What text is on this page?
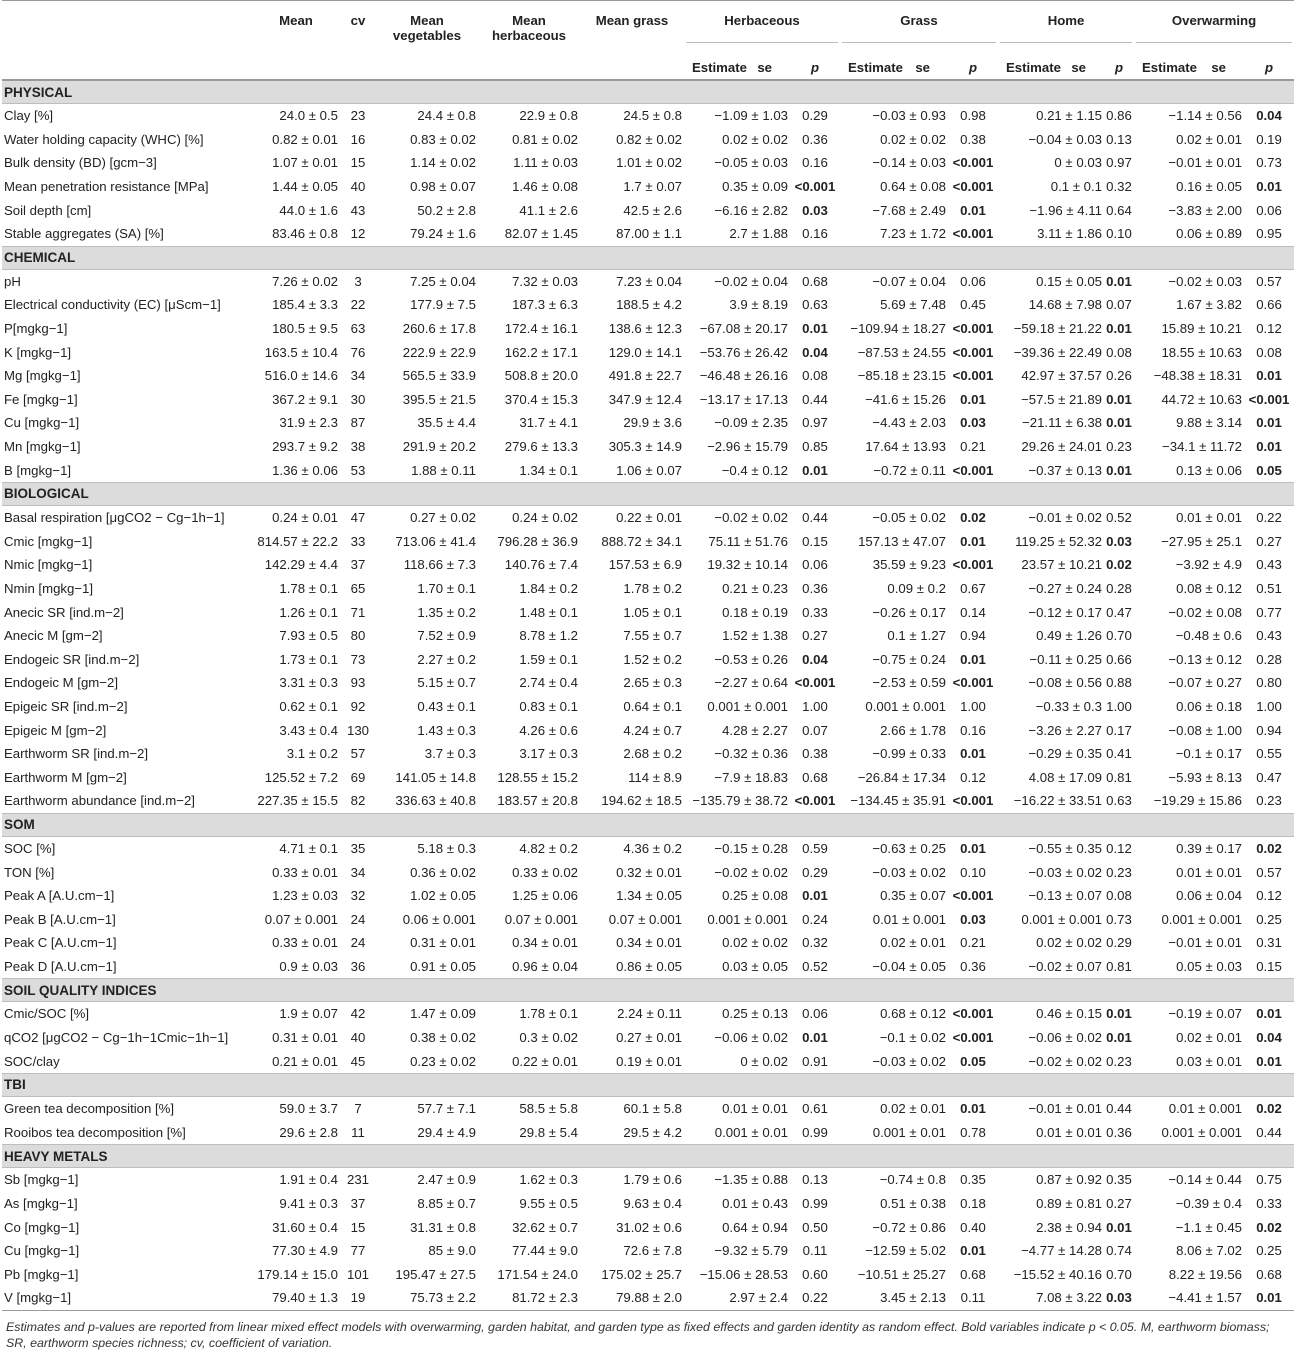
	Mean	cv	Mean vegetables	Mean herbaceous	Mean grass	Herbaceous		Grass		Home		Overwarming	

						Estimate se	p	Estimate se	p	Estimate se	p	Estimate se	p
PHYSICAL													
Clay [%]	24.0 ± 0.5	23	24.4 ± 0.8	22.9 ± 0.8	24.5 ± 0.8	−1.09 ± 1.03	0.29	−0.03 ± 0.93	0.98	0.21 ± 1.15	0.86	−1.14 ± 0.56	0.04
Water holding capacity (WHC) [%]	0.82 ± 0.01	16	0.83 ± 0.02	0.81 ± 0.02	0.82 ± 0.02	0.02 ± 0.02	0.36	0.02 ± 0.02	0.38	−0.04 ± 0.03	0.13	0.02 ± 0.01	0.19
Bulk density (BD) [gcm−3]	1.07 ± 0.01	15	1.14 ± 0.02	1.11 ± 0.03	1.01 ± 0.02	−0.05 ± 0.03	0.16	−0.14 ± 0.03	<0.001	0 ± 0.03	0.97	−0.01 ± 0.01	0.73
Mean penetration resistance [MPa]	1.44 ± 0.05	40	0.98 ± 0.07	1.46 ± 0.08	1.7 ± 0.07	0.35 ± 0.09	<0.001	0.64 ± 0.08	<0.001	0.1 ± 0.1	0.32	0.16 ± 0.05	0.01
Soil depth [cm]	44.0 ± 1.6	43	50.2 ± 2.8	41.1 ± 2.6	42.5 ± 2.6	−6.16 ± 2.82	0.03	−7.68 ± 2.49	0.01	−1.96 ± 4.11	0.64	−3.83 ± 2.00	0.06
Stable aggregates (SA) [%]	83.46 ± 0.8	12	79.24 ± 1.6	82.07 ± 1.45	87.00 ± 1.1	2.7 ± 1.88	0.16	7.23 ± 1.72	<0.001	3.11 ± 1.86	0.10	0.06 ± 0.89	0.95
CHEMICAL													
pH	7.26 ± 0.02	3	7.25 ± 0.04	7.32 ± 0.03	7.23 ± 0.04	−0.02 ± 0.04	0.68	−0.07 ± 0.04	0.06	0.15 ± 0.05	0.01	−0.02 ± 0.03	0.57
Electrical conductivity (EC) [μScm−1]	185.4 ± 3.3	22	177.9 ± 7.5	187.3 ± 6.3	188.5 ± 4.2	3.9 ± 8.19	0.63	5.69 ± 7.48	0.45	14.68 ± 7.98	0.07	1.67 ± 3.82	0.66
P[mgkg−1]	180.5 ± 9.5	63	260.6 ± 17.8	172.4 ± 16.1	138.6 ± 12.3	−67.08 ± 20.17	0.01	−109.94 ± 18.27	<0.001	−59.18 ± 21.22	0.01	15.89 ± 10.21	0.12
K [mgkg−1]	163.5 ± 10.4	76	222.9 ± 22.9	162.2 ± 17.1	129.0 ± 14.1	−53.76 ± 26.42	0.04	−87.53 ± 24.55	<0.001	−39.36 ± 22.49	0.08	18.55 ± 10.63	0.08
Mg [mgkg−1]	516.0 ± 14.6	34	565.5 ± 33.9	508.8 ± 20.0	491.8 ± 22.7	−46.48 ± 26.16	0.08	−85.18 ± 23.15	<0.001	42.97 ± 37.57	0.26	−48.38 ± 18.31	0.01
Fe [mgkg−1]	367.2 ± 9.1	30	395.5 ± 21.5	370.4 ± 15.3	347.9 ± 12.4	−13.17 ± 17.13	0.44	−41.6 ± 15.26	0.01	−57.5 ± 21.89	0.01	44.72 ± 10.63	<0.001
Cu [mgkg−1]	31.9 ± 2.3	87	35.5 ± 4.4	31.7 ± 4.1	29.9 ± 3.6	−0.09 ± 2.35	0.97	−4.43 ± 2.03	0.03	−21.11 ± 6.38	0.01	9.88 ± 3.14	0.01
Mn [mgkg−1]	293.7 ± 9.2	38	291.9 ± 20.2	279.6 ± 13.3	305.3 ± 14.9	−2.96 ± 15.79	0.85	17.64 ± 13.93	0.21	29.26 ± 24.01	0.23	−34.1 ± 11.72	0.01
B [mgkg−1]	1.36 ± 0.06	53	1.88 ± 0.11	1.34 ± 0.1	1.06 ± 0.07	−0.4 ± 0.12	0.01	−0.72 ± 0.11	<0.001	−0.37 ± 0.13	0.01	0.13 ± 0.06	0.05
BIOLOGICAL													
Basal respiration [μgCO2 − Cg−1h−1]	0.24 ± 0.01	47	0.27 ± 0.02	0.24 ± 0.02	0.22 ± 0.01	−0.02 ± 0.02	0.44	−0.05 ± 0.02	0.02	−0.01 ± 0.02	0.52	0.01 ± 0.01	0.22
Cmic [mgkg−1]	814.57 ± 22.2	33	713.06 ± 41.4	796.28 ± 36.9	888.72 ± 34.1	75.11 ± 51.76	0.15	157.13 ± 47.07	0.01	119.25 ± 52.32	0.03	−27.95 ± 25.1	0.27
Nmic [mgkg−1]	142.29 ± 4.4	37	118.66 ± 7.3	140.76 ± 7.4	157.53 ± 6.9	19.32 ± 10.14	0.06	35.59 ± 9.23	<0.001	23.57 ± 10.21	0.02	−3.92 ± 4.9	0.43
Nmin [mgkg−1]	1.78 ± 0.1	65	1.70 ± 0.1	1.84 ± 0.2	1.78 ± 0.2	0.21 ± 0.23	0.36	0.09 ± 0.2	0.67	−0.27 ± 0.24	0.28	0.08 ± 0.12	0.51
Anecic SR [ind.m−2]	1.26 ± 0.1	71	1.35 ± 0.2	1.48 ± 0.1	1.05 ± 0.1	0.18 ± 0.19	0.33	−0.26 ± 0.17	0.14	−0.12 ± 0.17	0.47	−0.02 ± 0.08	0.77
Anecic M [gm−2]	7.93 ± 0.5	80	7.52 ± 0.9	8.78 ± 1.2	7.55 ± 0.7	1.52 ± 1.38	0.27	0.1 ± 1.27	0.94	0.49 ± 1.26	0.70	−0.48 ± 0.6	0.43
Endogeic SR [ind.m−2]	1.73 ± 0.1	73	2.27 ± 0.2	1.59 ± 0.1	1.52 ± 0.2	−0.53 ± 0.26	0.04	−0.75 ± 0.24	0.01	−0.11 ± 0.25	0.66	−0.13 ± 0.12	0.28
Endogeic M [gm−2]	3.31 ± 0.3	93	5.15 ± 0.7	2.74 ± 0.4	2.65 ± 0.3	−2.27 ± 0.64	<0.001	−2.53 ± 0.59	<0.001	−0.08 ± 0.56	0.88	−0.07 ± 0.27	0.80
Epigeic SR [ind.m−2]	0.62 ± 0.1	92	0.43 ± 0.1	0.83 ± 0.1	0.64 ± 0.1	0.001 ± 0.001	1.00	0.001 ± 0.001	1.00	−0.33 ± 0.3	1.00	0.06 ± 0.18	1.00
Epigeic M [gm−2]	3.43 ± 0.4	130	1.43 ± 0.3	4.26 ± 0.6	4.24 ± 0.7	4.28 ± 2.27	0.07	2.66 ± 1.78	0.16	−3.26 ± 2.27	0.17	−0.08 ± 1.00	0.94
Earthworm SR [ind.m−2]	3.1 ± 0.2	57	3.7 ± 0.3	3.17 ± 0.3	2.68 ± 0.2	−0.32 ± 0.36	0.38	−0.99 ± 0.33	0.01	−0.29 ± 0.35	0.41	−0.1 ± 0.17	0.55
Earthworm M [gm−2]	125.52 ± 7.2	69	141.05 ± 14.8	128.55 ± 15.2	114 ± 8.9	−7.9 ± 18.83	0.68	−26.84 ± 17.34	0.12	4.08 ± 17.09	0.81	−5.93 ± 8.13	0.47
Earthworm abundance [ind.m−2]	227.35 ± 15.5	82	336.63 ± 40.8	183.57 ± 20.8	194.62 ± 18.5	−135.79 ± 38.72	<0.001	−134.45 ± 35.91	<0.001	−16.22 ± 33.51	0.63	−19.29 ± 15.86	0.23
SOM													
SOC [%]	4.71 ± 0.1	35	5.18 ± 0.3	4.82 ± 0.2	4.36 ± 0.2	−0.15 ± 0.28	0.59	−0.63 ± 0.25	0.01	−0.55 ± 0.35	0.12	0.39 ± 0.17	0.02
TON [%]	0.33 ± 0.01	34	0.36 ± 0.02	0.33 ± 0.02	0.32 ± 0.01	−0.02 ± 0.02	0.29	−0.03 ± 0.02	0.10	−0.03 ± 0.02	0.23	0.01 ± 0.01	0.57
Peak A [A.U.cm−1]	1.23 ± 0.03	32	1.02 ± 0.05	1.25 ± 0.06	1.34 ± 0.05	0.25 ± 0.08	0.01	0.35 ± 0.07	<0.001	−0.13 ± 0.07	0.08	0.06 ± 0.04	0.12
Peak B [A.U.cm−1]	0.07 ± 0.001	24	0.06 ± 0.001	0.07 ± 0.001	0.07 ± 0.001	0.001 ± 0.001	0.24	0.01 ± 0.001	0.03	0.001 ± 0.001	0.73	0.001 ± 0.001	0.25
Peak C [A.U.cm−1]	0.33 ± 0.01	24	0.31 ± 0.01	0.34 ± 0.01	0.34 ± 0.01	0.02 ± 0.02	0.32	0.02 ± 0.01	0.21	0.02 ± 0.02	0.29	−0.01 ± 0.01	0.31
Peak D [A.U.cm−1]	0.9 ± 0.03	36	0.91 ± 0.05	0.96 ± 0.04	0.86 ± 0.05	0.03 ± 0.05	0.52	−0.04 ± 0.05	0.36	−0.02 ± 0.07	0.81	0.05 ± 0.03	0.15
SOIL QUALITY INDICES													
Cmic/SOC [%]	1.9 ± 0.07	42	1.47 ± 0.09	1.78 ± 0.1	2.24 ± 0.11	0.25 ± 0.13	0.06	0.68 ± 0.12	<0.001	0.46 ± 0.15	0.01	−0.19 ± 0.07	0.01
qCO2 [μgCO2 − Cg−1h−1Cmic−1h−1]	0.31 ± 0.01	40	0.38 ± 0.02	0.3 ± 0.02	0.27 ± 0.01	−0.06 ± 0.02	0.01	−0.1 ± 0.02	<0.001	−0.06 ± 0.02	0.01	0.02 ± 0.01	0.04
SOC/clay	0.21 ± 0.01	45	0.23 ± 0.02	0.22 ± 0.01	0.19 ± 0.01	0 ± 0.02	0.91	−0.03 ± 0.02	0.05	−0.02 ± 0.02	0.23	0.03 ± 0.01	0.01
TBI													
Green tea decomposition [%]	59.0 ± 3.7	7	57.7 ± 7.1	58.5 ± 5.8	60.1 ± 5.8	0.01 ± 0.01	0.61	0.02 ± 0.01	0.01	−0.01 ± 0.01	0.44	0.01 ± 0.001	0.02
Rooibos tea decomposition [%]	29.6 ± 2.8	11	29.4 ± 4.9	29.8 ± 5.4	29.5 ± 4.2	0.001 ± 0.01	0.99	0.001 ± 0.01	0.78	0.01 ± 0.01	0.36	0.001 ± 0.001	0.44
HEAVY METALS													
Sb [mgkg−1]	1.91 ± 0.4	231	2.47 ± 0.9	1.62 ± 0.3	1.79 ± 0.6	−1.35 ± 0.88	0.13	−0.74 ± 0.8	0.35	0.87 ± 0.92	0.35	−0.14 ± 0.44	0.75
As [mgkg−1]	9.41 ± 0.3	37	8.85 ± 0.7	9.55 ± 0.5	9.63 ± 0.4	0.01 ± 0.43	0.99	0.51 ± 0.38	0.18	0.89 ± 0.81	0.27	−0.39 ± 0.4	0.33
Co [mgkg−1]	31.60 ± 0.4	15	31.31 ± 0.8	32.62 ± 0.7	31.02 ± 0.6	0.64 ± 0.94	0.50	−0.72 ± 0.86	0.40	2.38 ± 0.94	0.01	−1.1 ± 0.45	0.02
Cu [mgkg−1]	77.30 ± 4.9	77	85 ± 9.0	77.44 ± 9.0	72.6 ± 7.8	−9.32 ± 5.79	0.11	−12.59 ± 5.02	0.01	−4.77 ± 14.28	0.74	8.06 ± 7.02	0.25
Pb [mgkg−1]	179.14 ± 15.0	101	195.47 ± 27.5	171.54 ± 24.0	175.02 ± 25.7	−15.06 ± 28.53	0.60	−10.51 ± 25.27	0.68	−15.52 ± 40.16	0.70	8.22 ± 19.56	0.68
V [mgkg−1]	79.40 ± 1.3	19	75.73 ± 2.2	81.72 ± 2.3	79.88 ± 2.0	2.97 ± 2.4	0.22	3.45 ± 2.13	0.11	7.08 ± 3.22	0.03	−4.41 ± 1.57	0.01
Estimates and p-values are reported from linear mixed effect models with overwarming, garden habitat, and garden type as fixed effects and garden identity as random effect. Bold variables indicate p < 0.05. M, earthworm biomass; SR, earthworm species richness; cv, coefficient of variation.
